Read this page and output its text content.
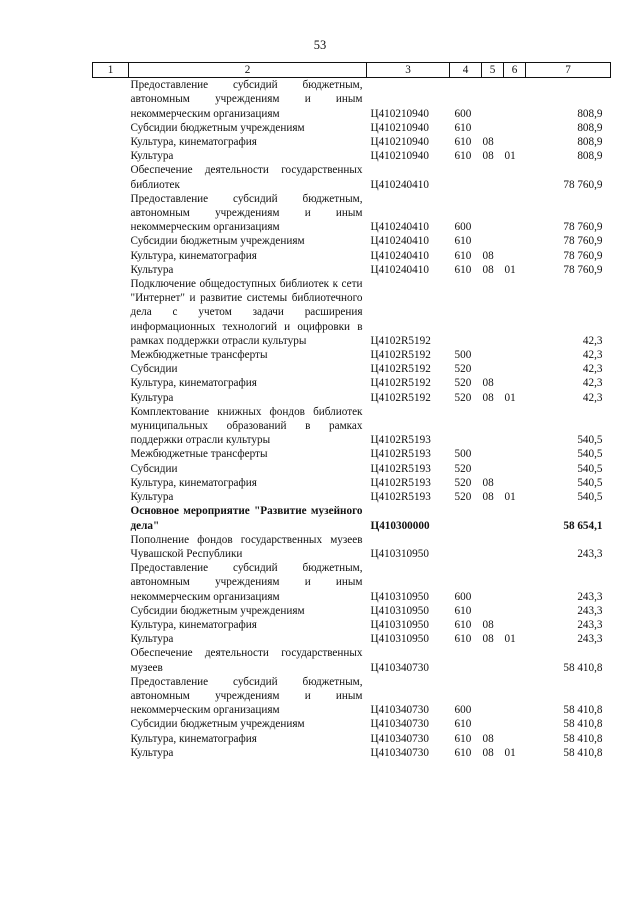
53
1	2	3	4	5	6	7
	Предоставление субсидий бюджетным, автономным учреждениям и иным некоммерческим организациям	Ц410210940	600			808,9
	Субсидии бюджетным учреждениям	Ц410210940	610			808,9
	Культура, кинематография	Ц410210940	610	08		808,9
	Культура	Ц410210940	610	08	01	808,9
	Обеспечение деятельности государственных библиотек	Ц410240410				78 760,9
	Предоставление субсидий бюджетным, автономным учреждениям и иным некоммерческим организациям	Ц410240410	600			78 760,9
	Субсидии бюджетным учреждениям	Ц410240410	610			78 760,9
	Культура, кинематография	Ц410240410	610	08		78 760,9
	Культура	Ц410240410	610	08	01	78 760,9
	Подключение общедоступных библиотек к сети "Интернет" и развитие системы библиотечного дела с учетом задачи расширения информационных технологий и оцифровки в рамках поддержки отрасли культуры	Ц4102R5192				42,3
	Межбюджетные трансферты	Ц4102R5192	500			42,3
	Субсидии	Ц4102R5192	520			42,3
	Культура, кинематография	Ц4102R5192	520	08		42,3
	Культура	Ц4102R5192	520	08	01	42,3
	Комплектование книжных фондов библиотек муниципальных образований в рамках поддержки отрасли культуры	Ц4102R5193				540,5
	Межбюджетные трансферты	Ц4102R5193	500			540,5
	Субсидии	Ц4102R5193	520			540,5
	Культура, кинематография	Ц4102R5193	520	08		540,5
	Культура	Ц4102R5193	520	08	01	540,5
	Основное мероприятие "Развитие музейного дела"	Ц410300000				58 654,1
	Пополнение фондов государственных музеев Чувашской Республики	Ц410310950				243,3
	Предоставление субсидий бюджетным, автономным учреждениям и иным некоммерческим организациям	Ц410310950	600			243,3
	Субсидии бюджетным учреждениям	Ц410310950	610			243,3
	Культура, кинематография	Ц410310950	610	08		243,3
	Культура	Ц410310950	610	08	01	243,3
	Обеспечение деятельности государственных музеев	Ц410340730				58 410,8
	Предоставление субсидий бюджетным, автономным учреждениям и иным некоммерческим организациям	Ц410340730	600			58 410,8
	Субсидии бюджетным учреждениям	Ц410340730	610			58 410,8
	Культура, кинематография	Ц410340730	610	08		58 410,8
	Культура	Ц410340730	610	08	01	58 410,8
